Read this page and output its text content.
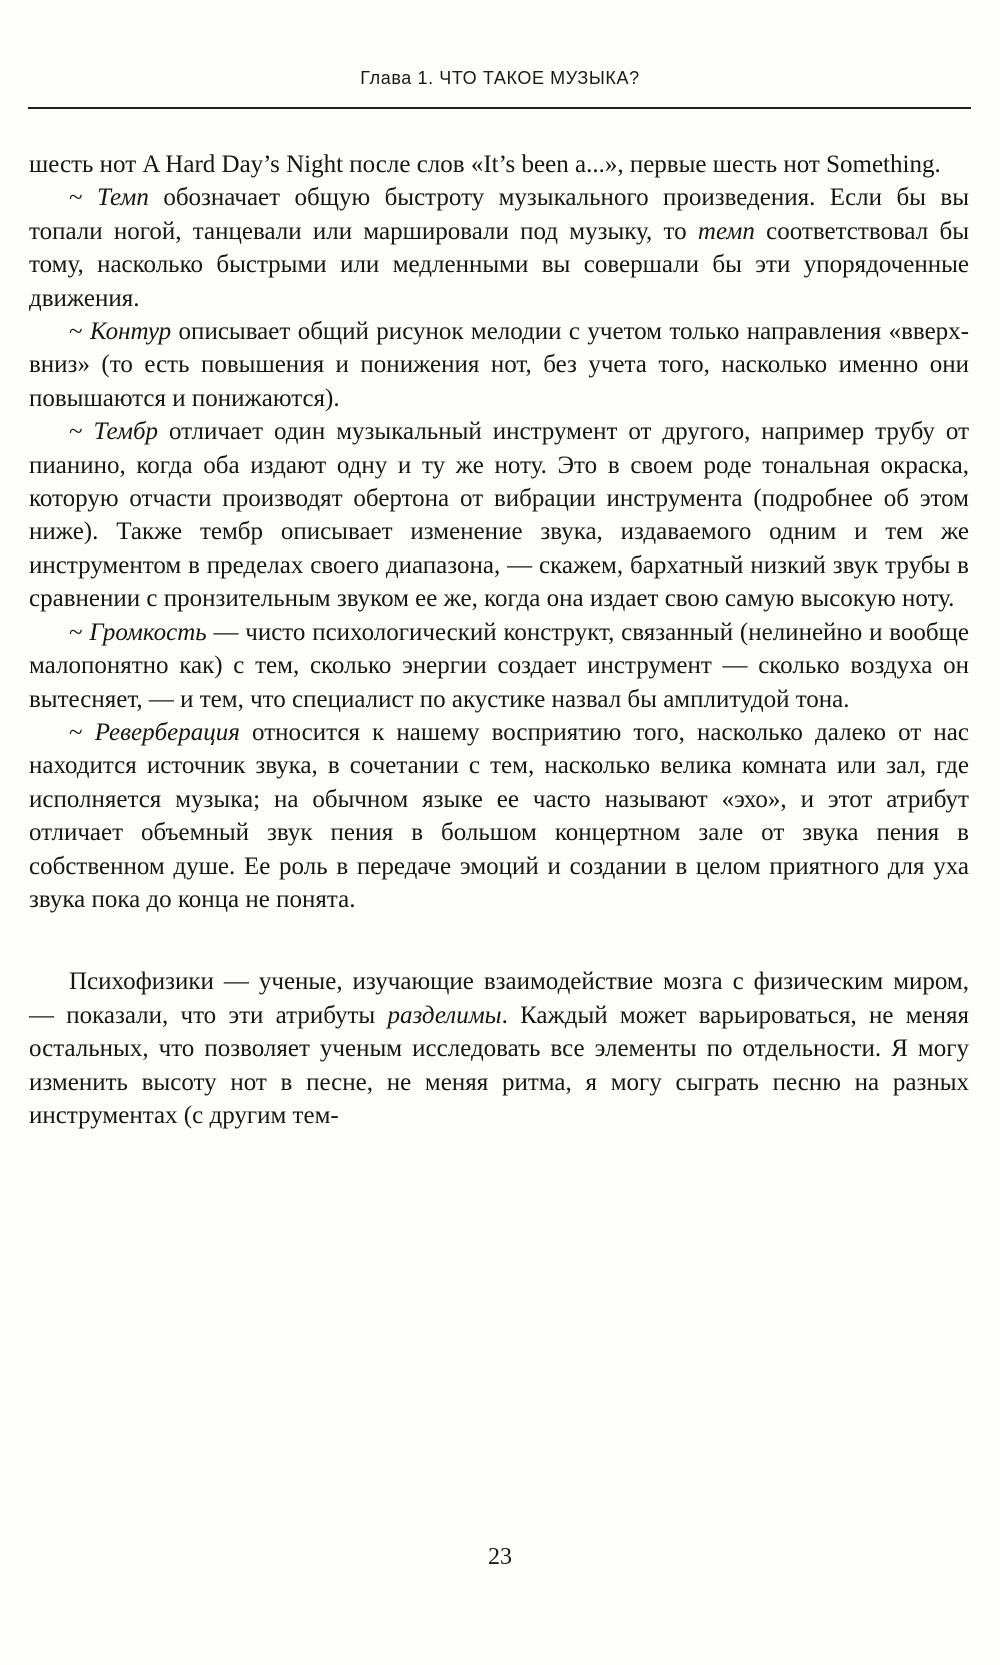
Глава 1. ЧТО ТАКОЕ МУЗЫКА?

шесть нот A Hard Day’s Night после слов «It’s been a...», первые шесть нот Something.

~ Темп обозначает общую быстроту музыкального произведения. Если бы вы топали ногой, танцевали или маршировали под музыку, то темп соответствовал бы тому, насколько быстрыми или медленными вы совершали бы эти упорядоченные движения.

~ Контур описывает общий рисунок мелодии с учетом только направления «вверх-вниз» (то есть повышения и понижения нот, без учета того, насколько именно они повышаются и понижаются).

~ Тембр отличает один музыкальный инструмент от другого, например трубу от пианино, когда оба издают одну и ту же ноту. Это в своем роде тональная окраска, которую отчасти производят обертона от вибрации инструмента (подробнее об этом ниже). Также тембр описывает изменение звука, издаваемого одним и тем же инструментом в пределах своего диапазона, — скажем, бархатный низкий звук трубы в сравнении с пронзительным звуком ее же, когда она издает свою самую высокую ноту.

~ Громкость — чисто психологический конструкт, связанный (нелинейно и вообще малопонятно как) с тем, сколько энергии создает инструмент — сколько воздуха он вытесняет, — и тем, что специалист по акустике назвал бы амплитудой тона.

~ Реверберация относится к нашему восприятию того, насколько далеко от нас находится источник звука, в сочетании с тем, насколько велика комната или зал, где исполняется музыка; на обычном языке ее часто называют «эхо», и этот атрибут отличает объемный звук пения в большом концертном зале от звука пения в собственном душе. Ее роль в передаче эмоций и создании в целом приятного для уха звука пока до конца не понята.

Психофизики — ученые, изучающие взаимодействие мозга с физическим миром, — показали, что эти атрибуты разделимы. Каждый может варьироваться, не меняя остальных, что позволяет ученым исследовать все элементы по отдельности. Я могу изменить высоту нот в песне, не меняя ритма, я могу сыграть песню на разных инструментах (с другим тем-

23
